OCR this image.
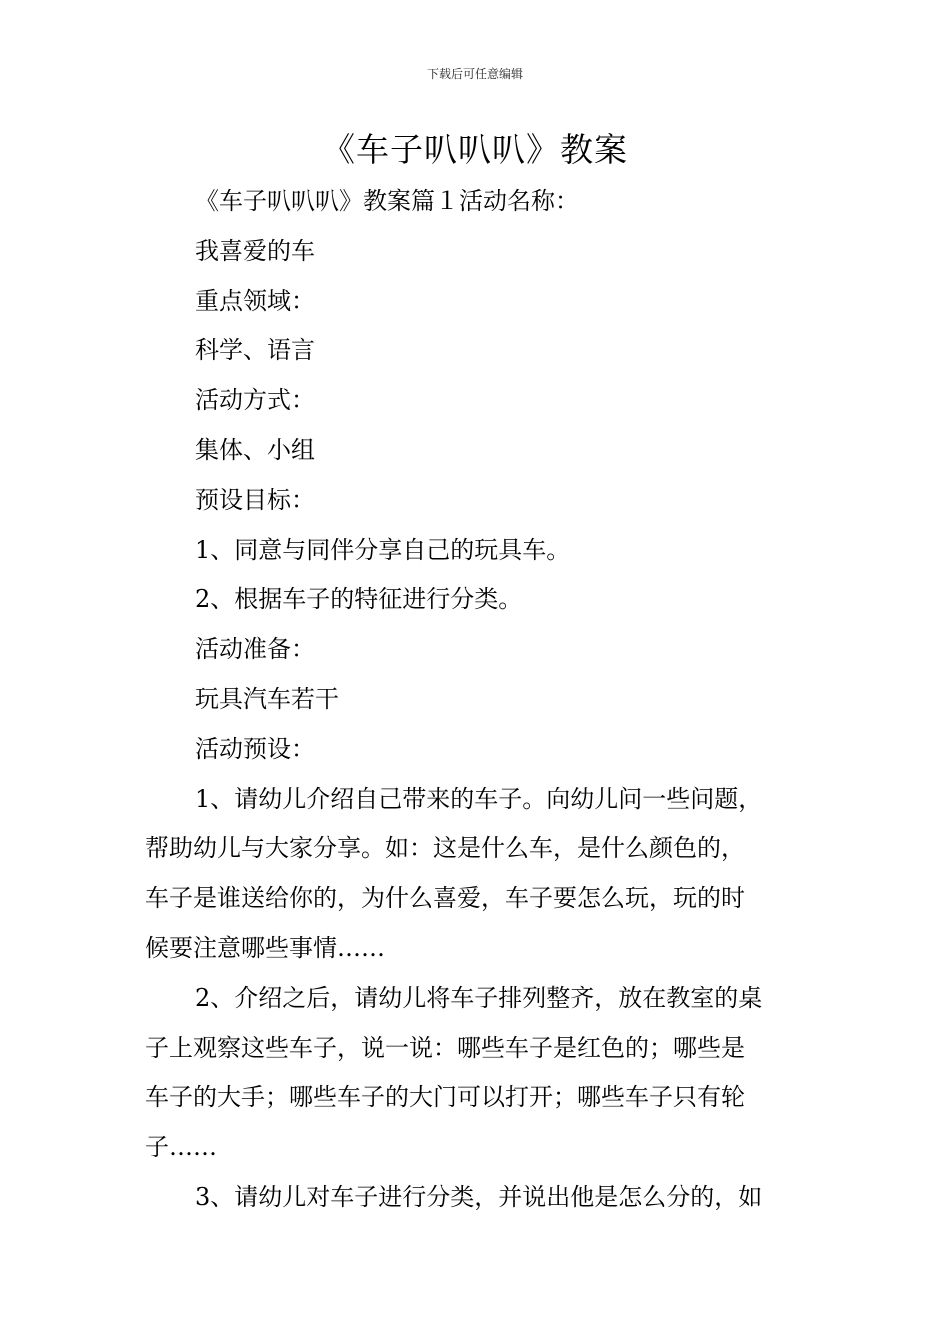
下载后可任意编辑
《车子叭叭叭》教案
《车子叭叭叭》教案篇１活动名称：
我喜爱的车
重点领域：
科学、语言
活动方式：
集体、小组
预设目标：
1、同意与同伴分享自己的玩具车。
2、根据车子的特征进行分类。
活动准备：
玩具汽车若干
活动预设：
1、请幼儿介绍自己带来的车子。向幼儿问一些问题，
帮助幼儿与大家分享。如：这是什么车，是什么颜色的，
车子是谁送给你的，为什么喜爱，车子要怎么玩，玩的时
候要注意哪些事情……
2、介绍之后，请幼儿将车子排列整齐，放在教室的桌
子上观察这些车子，说一说：哪些车子是红色的；哪些是
车子的大手；哪些车子的大门可以打开；哪些车子只有轮
子……
3、请幼儿对车子进行分类，并说出他是怎么分的，如
